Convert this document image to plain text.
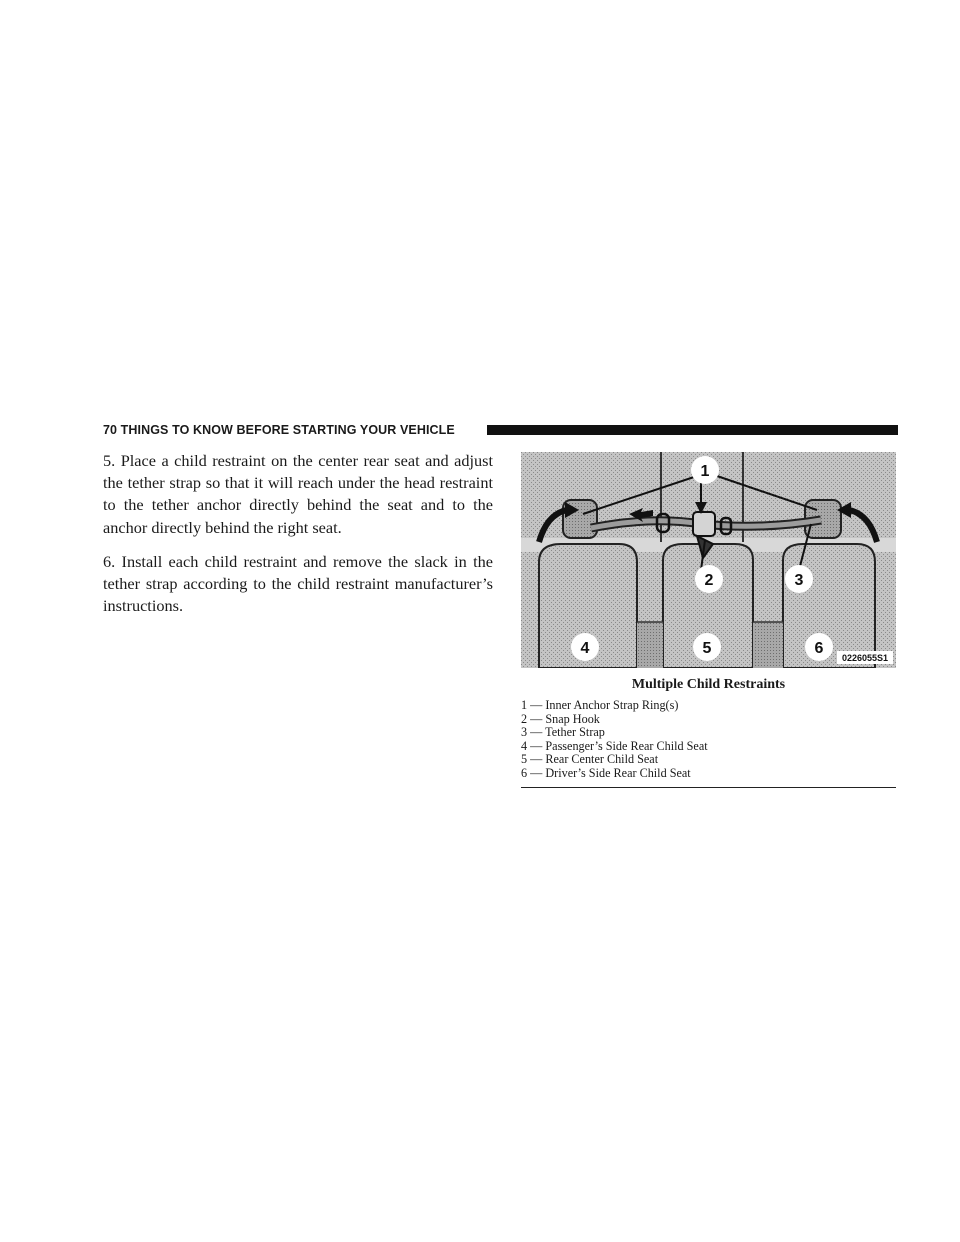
70 THINGS TO KNOW BEFORE STARTING YOUR VEHICLE

5. Place a child restraint on the center rear seat and adjust the tether strap so that it will reach under the head restraint to the tether anchor directly behind the seat and to the anchor directly behind the right seat.

6. Install each child restraint and remove the slack in the tether strap according to the child restraint manufacturer’s instructions.

1
2	3
4	5	6
0226055S1
Multiple Child Restraints
1 — Inner Anchor Strap Ring(s)
2 — Snap Hook
3 — Tether Strap
4 — Passenger’s Side Rear Child Seat
5 — Rear Center Child Seat
6 — Driver’s Side Rear Child Seat
